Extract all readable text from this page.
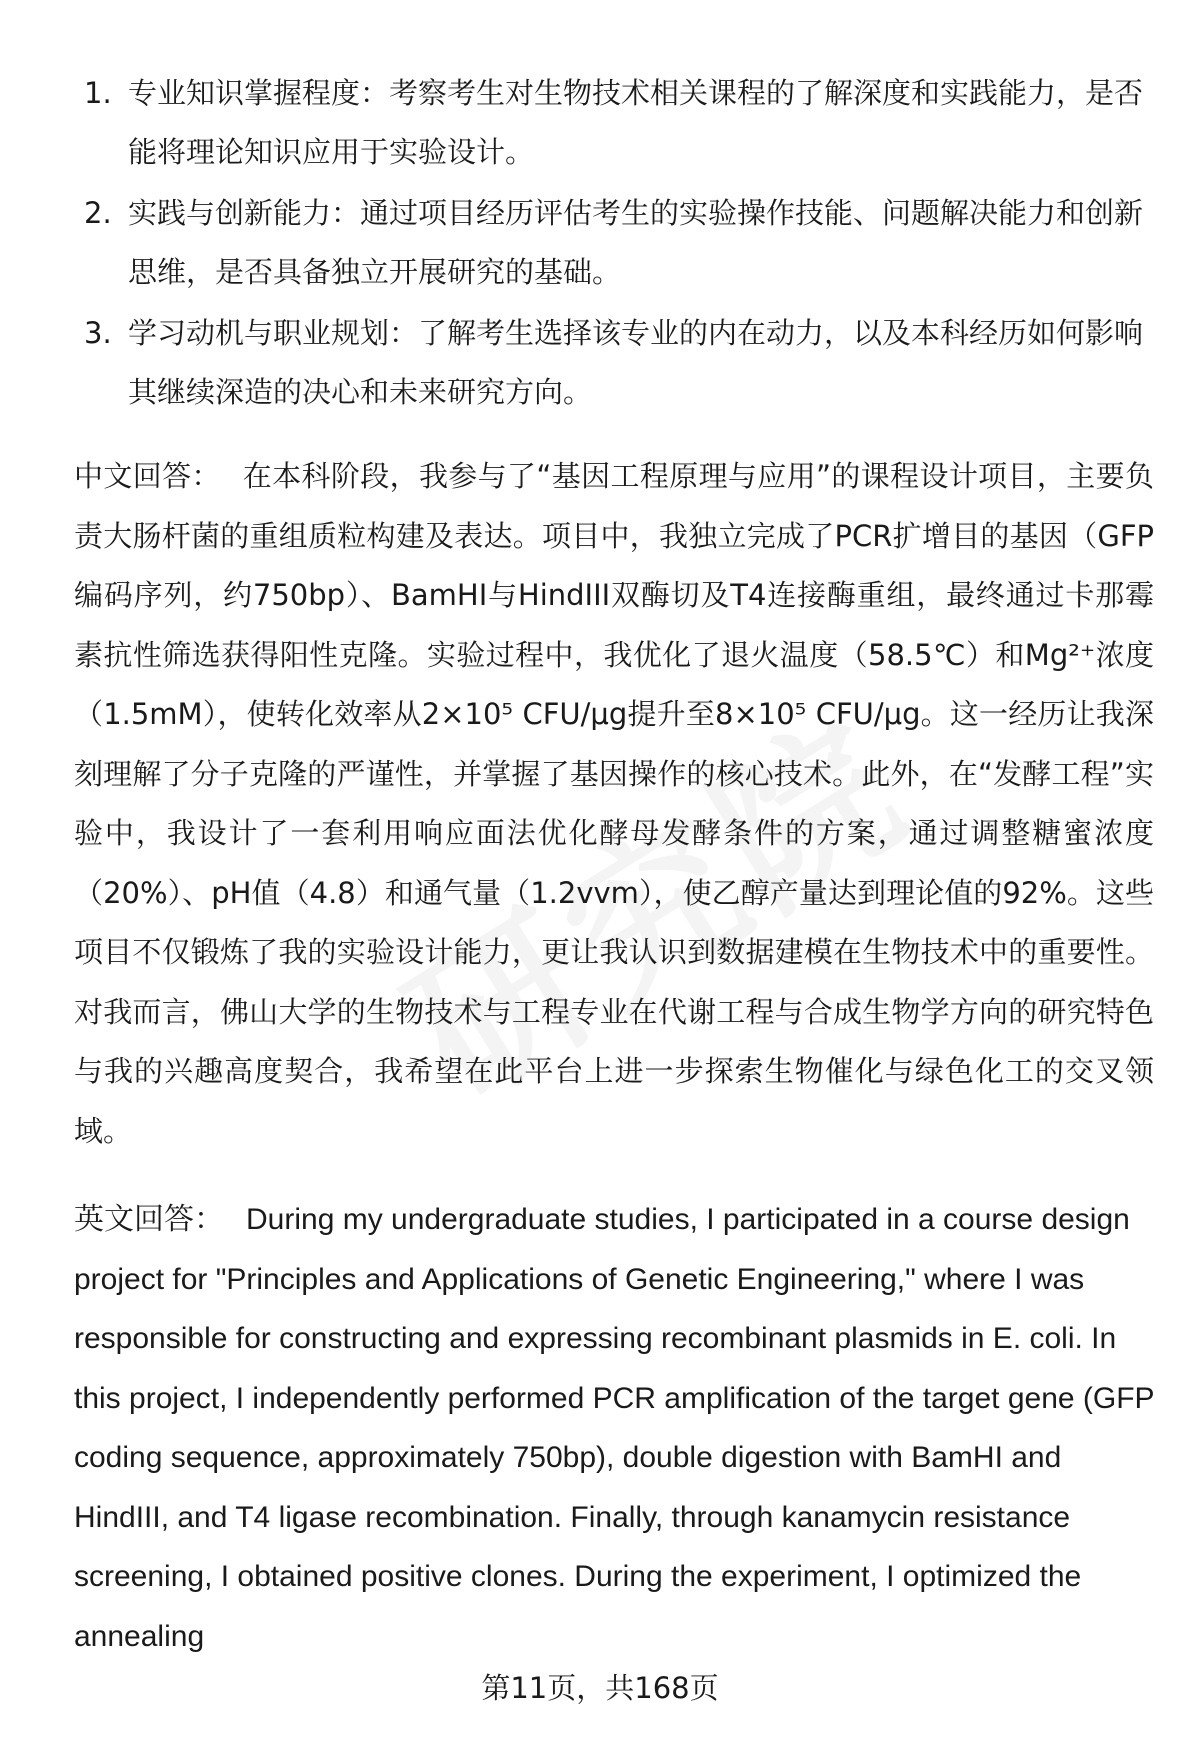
1. 专业知识掌握程度：考察考生对生物技术相关课程的了解深度和实践能力，是否能将理论知识应用于实验设计。
2. 实践与创新能力：通过项目经历评估考生的实验操作技能、问题解决能力和创新思维，是否具备独立开展研究的基础。
3. 学习动机与职业规划：了解考生选择该专业的内在动力，以及本科经历如何影响其继续深造的决心和未来研究方向。

中文回答： 在本科阶段，我参与了“基因工程原理与应用”的课程设计项目，主要负责大肠杆菌的重组质粒构建及表达。项目中，我独立完成了PCR扩增目的基因（GFP编码序列，约750bp）、BamHI与HindIII双酶切及T4连接酶重组，最终通过卡那霉素抗性筛选获得阳性克隆。实验过程中，我优化了退火温度（58.5℃）和Mg²⁺浓度（1.5mM），使转化效率从2×10⁵ CFU/μg提升至8×10⁵ CFU/μg。这一经历让我深刻理解了分子克隆的严谨性，并掌握了基因操作的核心技术。此外，在“发酵工程”实验中，我设计了一套利用响应面法优化酵母发酵条件的方案，通过调整糖蜜浓度（20%）、pH值（4.8）和通气量（1.2vvm），使乙醇产量达到理论值的92%。这些项目不仅锻炼了我的实验设计能力，更让我认识到数据建模在生物技术中的重要性。对我而言，佛山大学的生物技术与工程专业在代谢工程与合成生物学方向的研究特色与我的兴趣高度契合，我希望在此平台上进一步探索生物催化与绿色化工的交叉领域。

英文回答： During my undergraduate studies, I participated in a course design project for "Principles and Applications of Genetic Engineering," where I was responsible for constructing and expressing recombinant plasmids in E. coli. In this project, I independently performed PCR amplification of the target gene (GFP coding sequence, approximately 750bp), double digestion with BamHI and HindIII, and T4 ligase recombination. Finally, through kanamycin resistance screening, I obtained positive clones. During the experiment, I optimized the annealing

第11页，共168页
